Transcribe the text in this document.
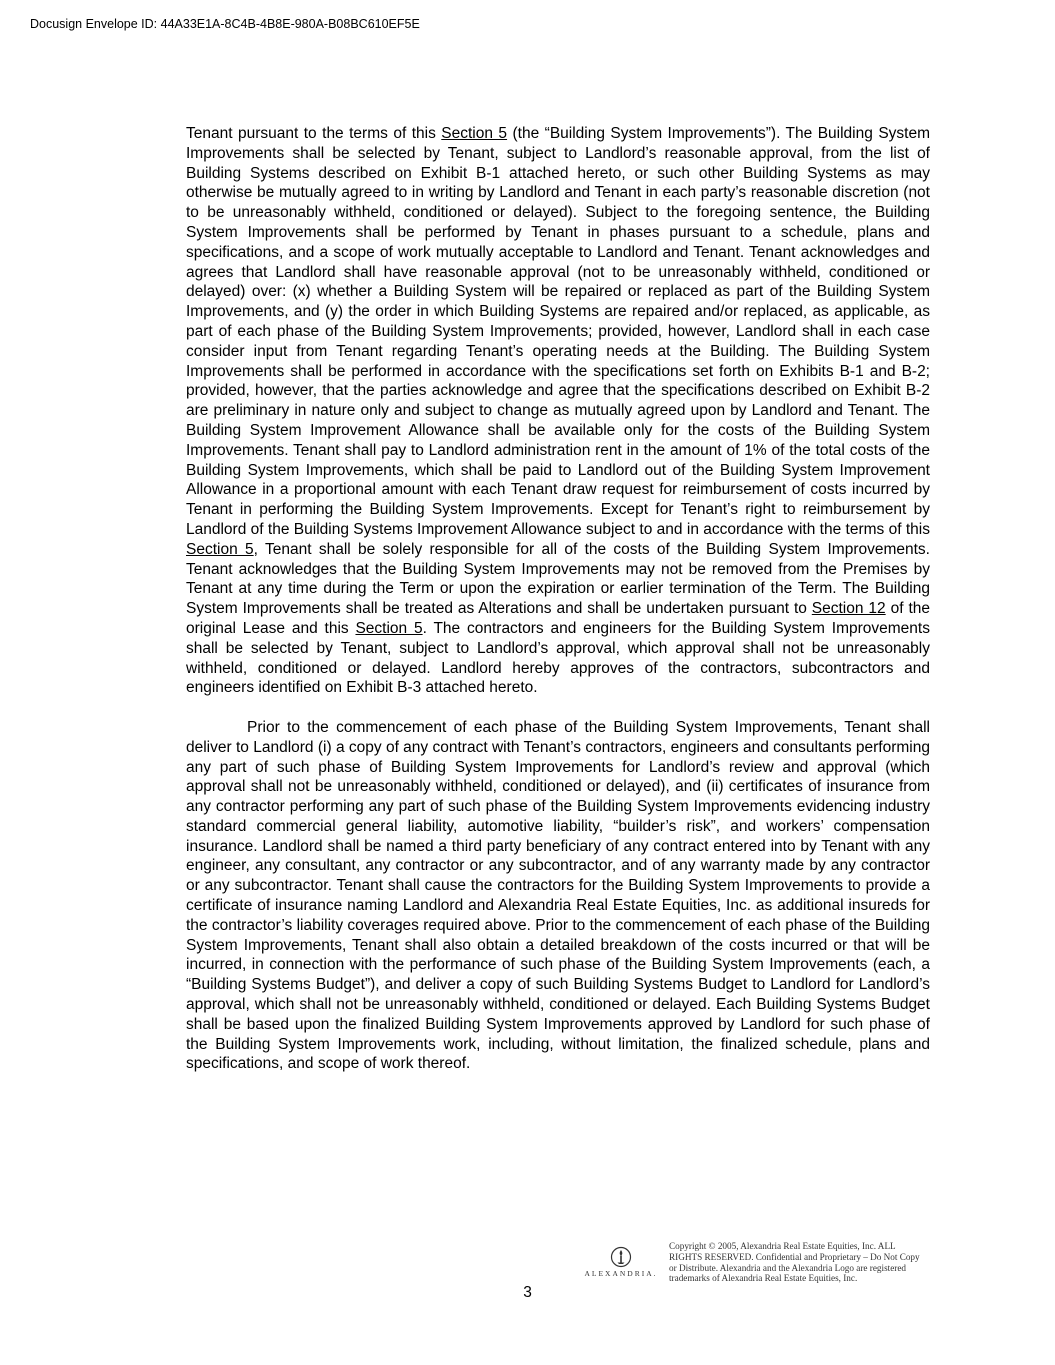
Docusign Envelope ID: 44A33E1A-8C4B-4B8E-980A-B08BC610EF5E

Tenant pursuant to the terms of this Section 5 (the “Building System Improvements”). The Building System Improvements shall be selected by Tenant, subject to Landlord’s reasonable approval, from the list of Building Systems described on Exhibit B-1 attached hereto, or such other Building Systems as may otherwise be mutually agreed to in writing by Landlord and Tenant in each party’s reasonable discretion (not to be unreasonably withheld, conditioned or delayed). Subject to the foregoing sentence, the Building System Improvements shall be performed by Tenant in phases pursuant to a schedule, plans and specifications, and a scope of work mutually acceptable to Landlord and Tenant. Tenant acknowledges and agrees that Landlord shall have reasonable approval (not to be unreasonably withheld, conditioned or delayed) over: (x) whether a Building System will be repaired or replaced as part of the Building System Improvements, and (y) the order in which Building Systems are repaired and/or replaced, as applicable, as part of each phase of the Building System Improvements; provided, however, Landlord shall in each case consider input from Tenant regarding Tenant’s operating needs at the Building. The Building System Improvements shall be performed in accordance with the specifications set forth on Exhibits B-1 and B-2; provided, however, that the parties acknowledge and agree that the specifications described on Exhibit B-2 are preliminary in nature only and subject to change as mutually agreed upon by Landlord and Tenant. The Building System Improvement Allowance shall be available only for the costs of the Building System Improvements. Tenant shall pay to Landlord administration rent in the amount of 1% of the total costs of the Building System Improvements, which shall be paid to Landlord out of the Building System Improvement Allowance in a proportional amount with each Tenant draw request for reimbursement of costs incurred by Tenant in performing the Building System Improvements. Except for Tenant’s right to reimbursement by Landlord of the Building Systems Improvement Allowance subject to and in accordance with the terms of this Section 5, Tenant shall be solely responsible for all of the costs of the Building System Improvements. Tenant acknowledges that the Building System Improvements may not be removed from the Premises by Tenant at any time during the Term or upon the expiration or earlier termination of the Term. The Building System Improvements shall be treated as Alterations and shall be undertaken pursuant to Section 12 of the original Lease and this Section 5. The contractors and engineers for the Building System Improvements shall be selected by Tenant, subject to Landlord’s approval, which approval shall not be unreasonably withheld, conditioned or delayed. Landlord hereby approves of the contractors, subcontractors and engineers identified on Exhibit B-3 attached hereto.

Prior to the commencement of each phase of the Building System Improvements, Tenant shall deliver to Landlord (i) a copy of any contract with Tenant’s contractors, engineers and consultants performing any part of such phase of Building System Improvements for Landlord’s review and approval (which approval shall not be unreasonably withheld, conditioned or delayed), and (ii) certificates of insurance from any contractor performing any part of such phase of the Building System Improvements evidencing industry standard commercial general liability, automotive liability, “builder’s risk”, and workers’ compensation insurance. Landlord shall be named a third party beneficiary of any contract entered into by Tenant with any engineer, any consultant, any contractor or any subcontractor, and of any warranty made by any contractor or any subcontractor. Tenant shall cause the contractors for the Building System Improvements to provide a certificate of insurance naming Landlord and Alexandria Real Estate Equities, Inc. as additional insureds for the contractor’s liability coverages required above. Prior to the commencement of each phase of the Building System Improvements, Tenant shall also obtain a detailed breakdown of the costs incurred or that will be incurred, in connection with the performance of such phase of the Building System Improvements (each, a “Building Systems Budget”), and deliver a copy of such Building Systems Budget to Landlord for Landlord’s approval, which shall not be unreasonably withheld, conditioned or delayed. Each Building Systems Budget shall be based upon the finalized Building System Improvements approved by Landlord for such phase of the Building System Improvements work, including, without limitation, the finalized schedule, plans and specifications, and scope of work thereof.

ALEXANDRIA.
Copyright © 2005, Alexandria Real Estate Equities, Inc. ALL RIGHTS RESERVED. Confidential and Proprietary – Do Not Copy or Distribute. Alexandria and the Alexandria Logo are registered trademarks of Alexandria Real Estate Equities, Inc.
3
